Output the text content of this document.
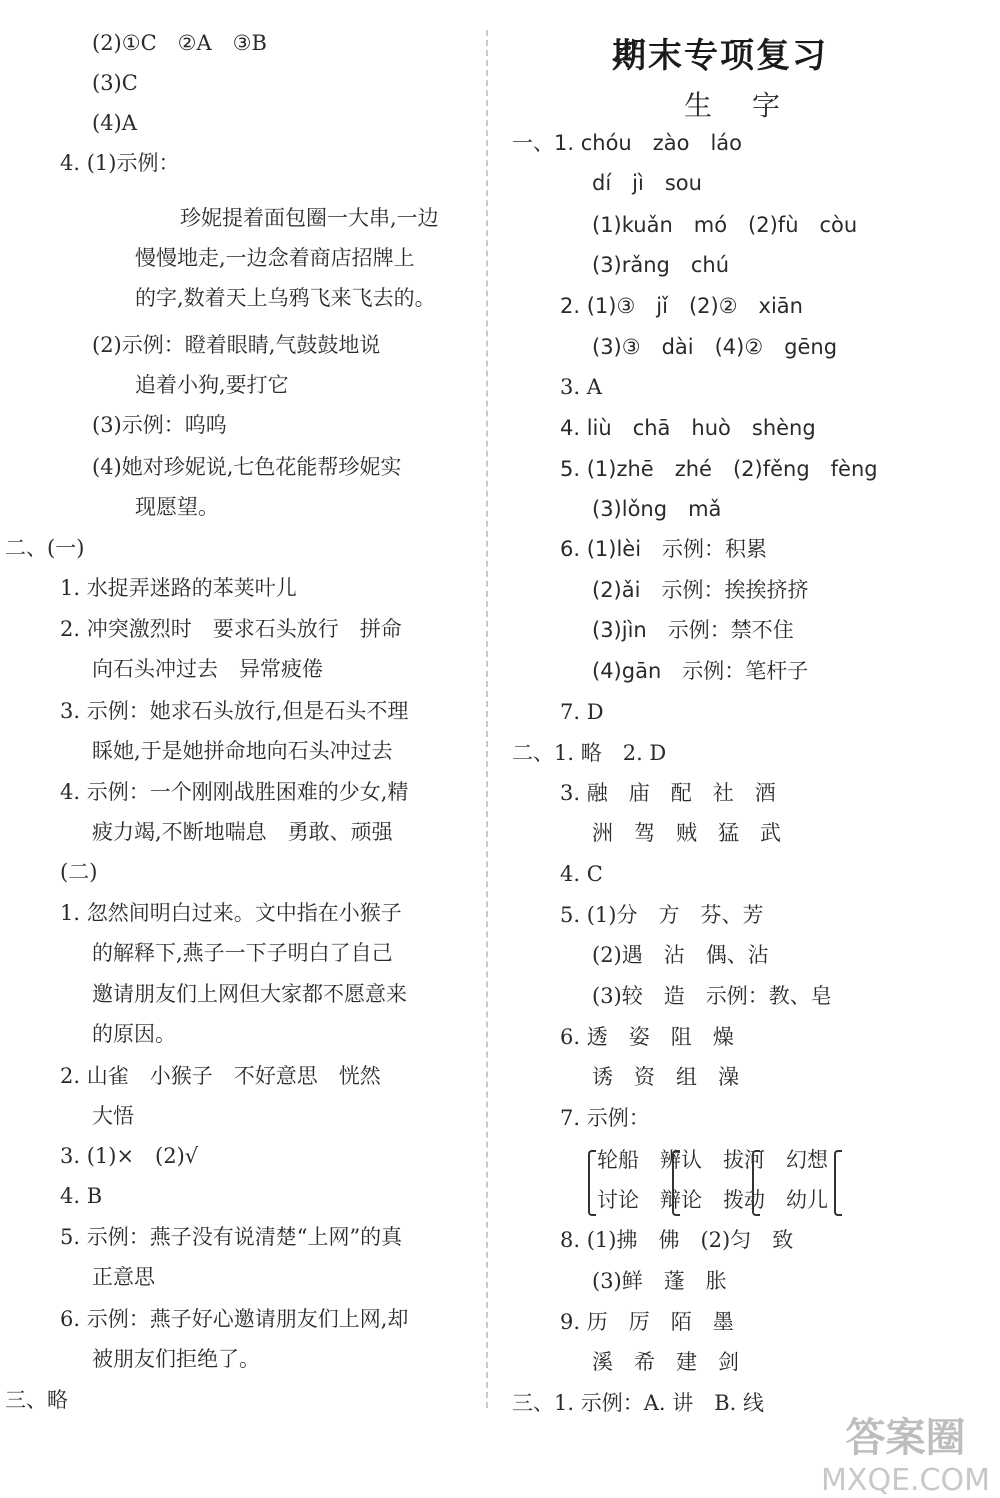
期末专项复习
生字
(2)①C　②A　③B
(3)C
(4)A
4. (1)示例：
珍妮提着面包圈一大串,一边
慢慢地走,一边念着商店招牌上
的字,数着天上乌鸦飞来飞去的。
(2)示例：瞪着眼睛,气鼓鼓地说
追着小狗,要打它
(3)示例：呜呜
(4)她对珍妮说,七色花能帮珍妮实
现愿望。
二、(一)
1. 水捉弄迷路的苯荚叶儿
2. 冲突激烈时　要求石头放行　拼命
向石头冲过去　异常疲倦
3. 示例：她求石头放行,但是石头不理
睬她,于是她拼命地向石头冲过去
4. 示例：一个刚刚战胜困难的少女,精
疲力竭,不断地喘息　勇敢、顽强
(二)
1. 忽然间明白过来。文中指在小猴子
的解释下,燕子一下子明白了自己
邀请朋友们上网但大家都不愿意来
的原因。
2. 山雀　小猴子　不好意思　恍然
大悟
3. (1)×　(2)√
4. B
5. 示例：燕子没有说清楚“上网”的真
正意思
6. 示例：燕子好心邀请朋友们上网,却
被朋友们拒绝了。
三、略
一、1. chóu　zào　láo
dí　jì　sou
(1)kuǎn　mó　(2)fù　còu
(3)rǎng　chú
2. (1)③　jǐ　(2)②　xiān
(3)③　dài　(4)②　gēng
3. A
4. liù　chā　huò　shèng
5. (1)zhē　zhé　(2)fěng　fèng
(3)lǒng　mǎ
6. (1)lèi　示例：积累
(2)ǎi　示例：挨挨挤挤
(3)jìn　示例：禁不住
(4)gān　示例：笔杆子
7. D
二、1. 略　2. D
3. 融　庙　配　社　酒
洲　驾　贼　猛　武
4. C
5. (1)分　方　芬、芳
(2)遇　沾　偶、沾
(3)较　造　示例：教、皂
6. 透　姿　阻　燥
诱　资　组　澡
7. 示例：
轮船　辨认　拔河　幻想
讨论　辩论　拨动　幼儿
8. (1)拂　佛　(2)匀　致
(3)鲜　蓬　胀
9. 历　厉　陌　墨
溪　希　建　剑
三、1. 示例：A. 讲　B. 线
答案圈
MXQE.COM
